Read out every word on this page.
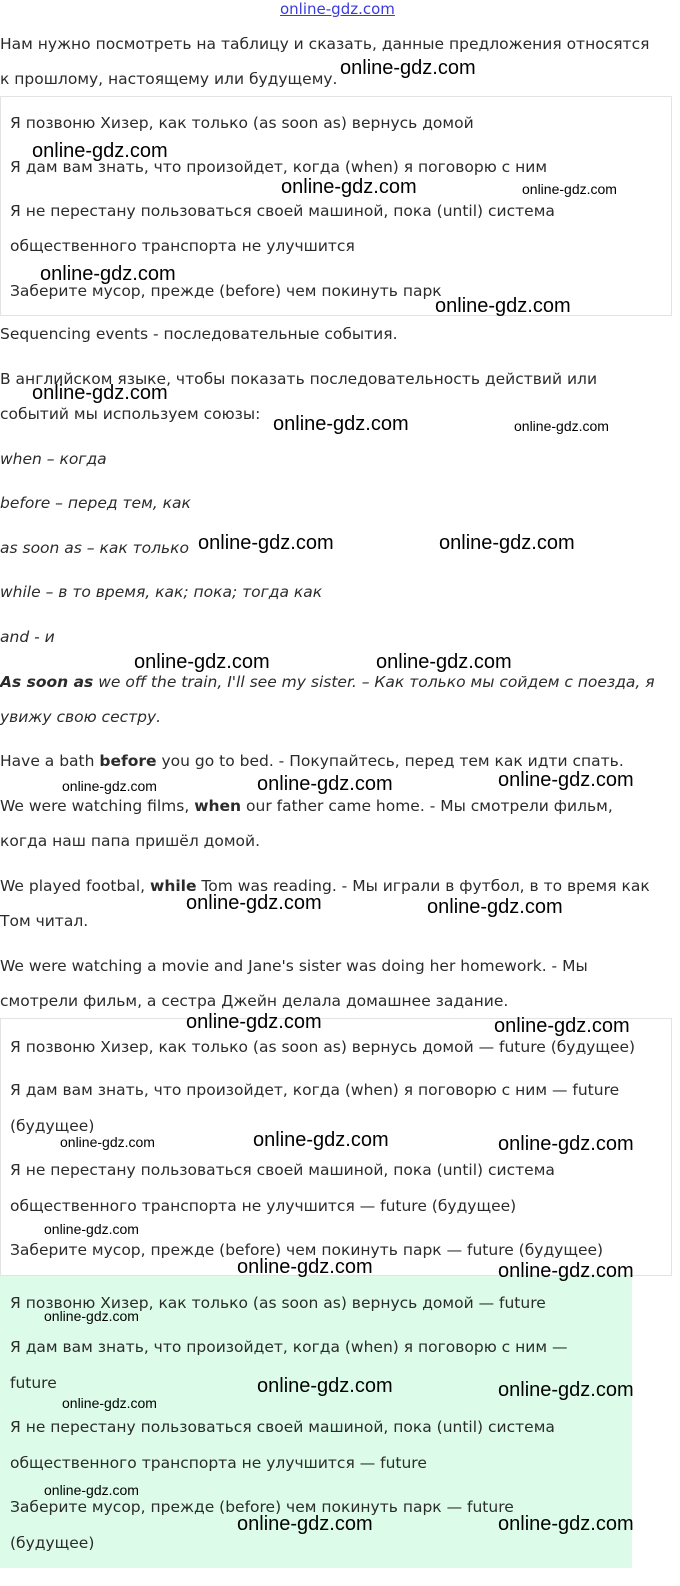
online-gdz.com

Нам нужно посмотреть на таблицу и сказать, данные предложения относятся

к прошлому, настоящему или будущему.

Я позвоню Хизер, как только (as soon as) вернусь домой
Я дам вам знать, что произойдет, когда (when) я поговорю с ним
Я не перестану пользоваться своей машиной, пока (until) система
общественного транспорта не улучшится
Заберите мусор, прежде (before) чем покинуть парк

Sequencing events - последовательные события.

В английском языке, чтобы показать последовательность действий или

событий мы используем союзы:

when – когда

before – перед тем, как

as soon as – как только

while – в то время, как; пока; тогда как

and - и

As soon as we off the train, I'll see my sister. – Как только мы сойдем с поезда, я

увижу свою сестру.

Have a bath before you go to bed. - Покупайтесь, перед тем как идти спать.

We were watching films, when our father came home. - Мы смотрели фильм,

когда наш папа пришёл домой.

We played footbal, while Tom was reading. - Мы играли в футбол, в то время как

Том читал.

We were watching a movie and Jane's sister was doing her homework. - Мы

смотрели фильм, а сестра Джейн делала домашнее задание.

Я позвоню Хизер, как только (as soon as) вернусь домой — future (будущее)
Я дам вам знать, что произойдет, когда (when) я поговорю с ним — future
(будущее)
Я не перестану пользоваться своей машиной, пока (until) система
общественного транспорта не улучшится — future (будущее)
Заберите мусор, прежде (before) чем покинуть парк — future (будущее)
Я позвоню Хизер, как только (as soon as) вернусь домой — future
Я дам вам знать, что произойдет, когда (when) я поговорю с ним —
future
Я не перестану пользоваться своей машиной, пока (until) система
общественного транспорта не улучшится — future
Заберите мусор, прежде (before) чем покинуть парк — future
(будущее)
online-gdz.com
online-gdz.com
online-gdz.com	online-gdz.com
online-gdz.com
online-gdz.com
online-gdz.com
online-gdz.com	online-gdz.com
online-gdz.com	online-gdz.com
online-gdz.com	online-gdz.com
online-gdz.com	online-gdz.com	online-gdz.com
online-gdz.com	online-gdz.com
online-gdz.com	online-gdz.com
online-gdz.com	online-gdz.com	online-gdz.com
online-gdz.com
online-gdz.com	online-gdz.com
online-gdz.com
online-gdz.com	online-gdz.com
online-gdz.com
online-gdz.com
online-gdz.com	online-gdz.com
